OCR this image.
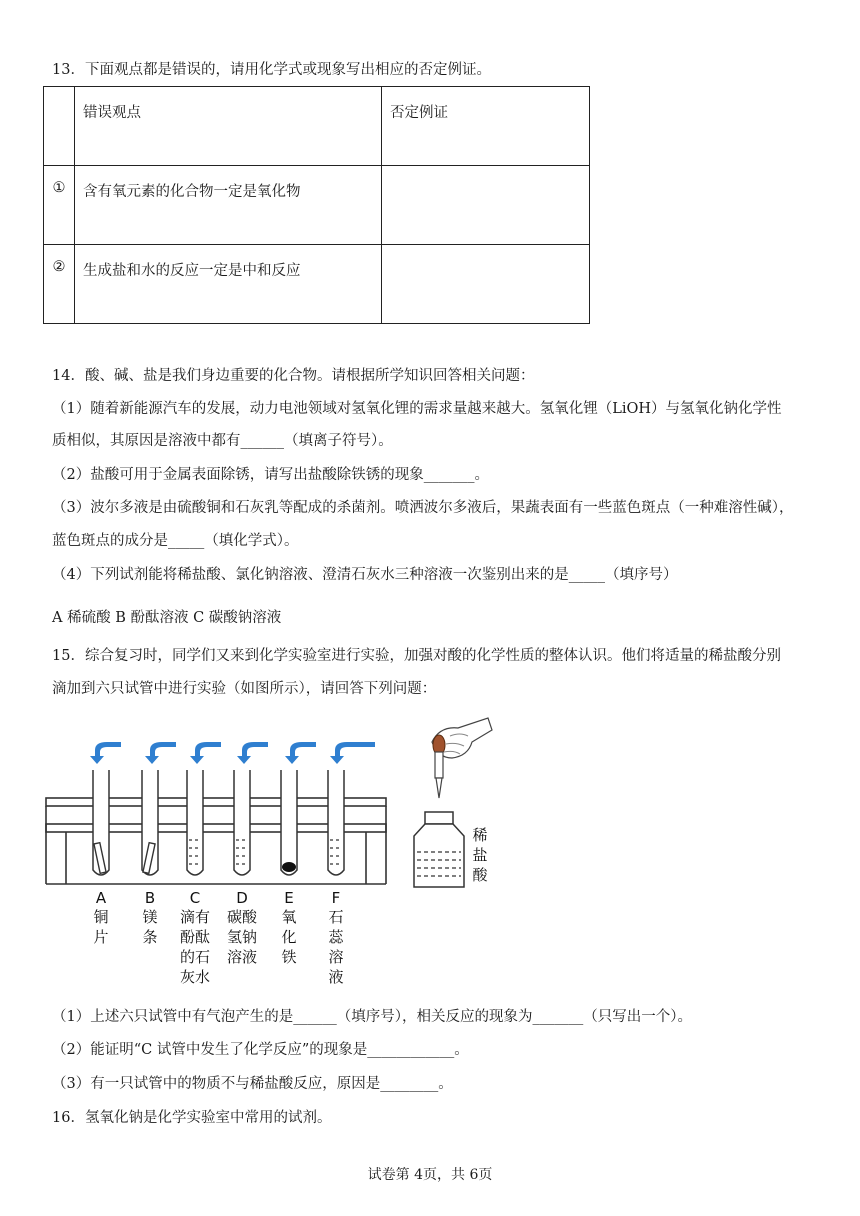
13．下面观点都是错误的，请用化学式或现象写出相应的否定例证。
	错误观点	否定例证
①	含有氧元素的化合物一定是氧化物	
②	生成盐和水的反应一定是中和反应	
14．酸、碱、盐是我们身边重要的化合物。请根据所学知识回答相关问题：
（1）随着新能源汽车的发展，动力电池领域对氢氧化锂的需求量越来越大。氢氧化锂（LiOH）与氢氧化钠化学性
质相似，其原因是溶液中都有______（填离子符号）。
（2）盐酸可用于金属表面除锈，请写出盐酸除铁锈的现象_______。
（3）波尔多液是由硫酸铜和石灰乳等配成的杀菌剂。喷洒波尔多液后，果蔬表面有一些蓝色斑点（一种难溶性碱），
蓝色斑点的成分是_____（填化学式）。
（4）下列试剂能将稀盐酸、氯化钠溶液、澄清石灰水三种溶液一次鉴别出来的是_____（填序号）
A 稀硫酸 B 酚酞溶液 C 碳酸钠溶液
15．综合复习时，同学们又来到化学实验室进行实验，加强对酸的化学性质的整体认识。他们将适量的稀盐酸分别
滴加到六只试管中进行实验（如图所示），请回答下列问题：
A
铜
片
B
镁
条
C
滴有
酚酞
的石
灰水
D
碳酸
氢钠
溶液
E
氧
化
铁
F
石
蕊
溶
液
稀
盐
酸
（1）上述六只试管中有气泡产生的是______（填序号），相关反应的现象为_______（只写出一个）。
（2）能证明“C 试管中发生了化学反应”的现象是____________。
（3）有一只试管中的物质不与稀盐酸反应，原因是________。
16．氢氧化钠是化学实验室中常用的试剂。
试卷第 4页，共 6页
